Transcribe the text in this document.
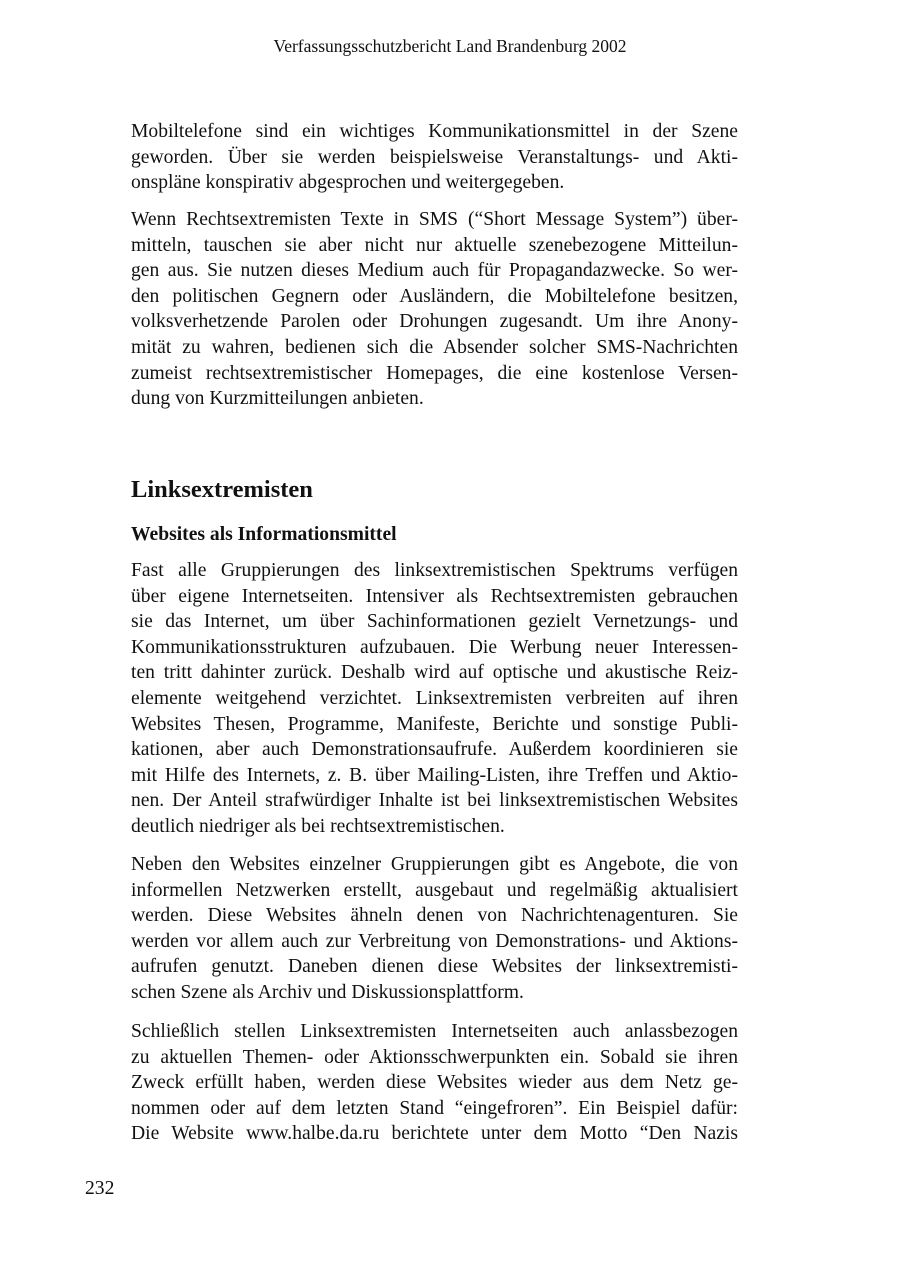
Verfassungsschutzbericht Land Brandenburg 2002
Mobiltelefone sind ein wichtiges Kommunikationsmittel in der Szene
geworden. Über sie werden beispielsweise Veranstaltungs- und Akti-
onspläne konspirativ abgesprochen und weitergegeben.
Wenn Rechtsextremisten Texte in SMS (“Short Message System”) über-
mitteln, tauschen sie aber nicht nur aktuelle szenebezogene Mitteilun-
gen aus. Sie nutzen dieses Medium auch für Propagandazwecke. So wer-
den politischen Gegnern oder Ausländern, die Mobiltelefone besitzen,
volksverhetzende Parolen oder Drohungen zugesandt. Um ihre Anony-
mität zu wahren, bedienen sich die Absender solcher SMS-Nachrichten
zumeist rechtsextremistischer Homepages, die eine kostenlose Versen-
dung von Kurzmitteilungen anbieten.
Linksextremisten
Websites als Informationsmittel
Fast alle Gruppierungen des linksextremistischen Spektrums verfügen
über eigene Internetseiten. Intensiver als Rechtsextremisten gebrauchen
sie das Internet, um über Sachinformationen gezielt Vernetzungs- und
Kommunikationsstrukturen aufzubauen. Die Werbung neuer Interessen-
ten tritt dahinter zurück. Deshalb wird auf optische und akustische Reiz-
elemente weitgehend verzichtet. Linksextremisten verbreiten auf ihren
Websites Thesen, Programme, Manifeste, Berichte und sonstige Publi-
kationen, aber auch Demonstrationsaufrufe. Außerdem koordinieren sie
mit Hilfe des Internets, z. B. über Mailing-Listen, ihre Treffen und Aktio-
nen. Der Anteil strafwürdiger Inhalte ist bei linksextremistischen Websites
deutlich niedriger als bei rechtsextremistischen.
Neben den Websites einzelner Gruppierungen gibt es Angebote, die von
informellen Netzwerken erstellt, ausgebaut und regelmäßig aktualisiert
werden. Diese Websites ähneln denen von Nachrichtenagenturen. Sie
werden vor allem auch zur Verbreitung von Demonstrations- und Aktions-
aufrufen genutzt. Daneben dienen diese Websites der linksextremisti-
schen Szene als Archiv und Diskussionsplattform.
Schließlich stellen Linksextremisten Internetseiten auch anlassbezogen
zu aktuellen Themen- oder Aktionsschwerpunkten ein. Sobald sie ihren
Zweck erfüllt haben, werden diese Websites wieder aus dem Netz ge-
nommen oder auf dem letzten Stand “eingefroren”. Ein Beispiel dafür:
Die Website www.halbe.da.ru berichtete unter dem Motto “Den Nazis
232
